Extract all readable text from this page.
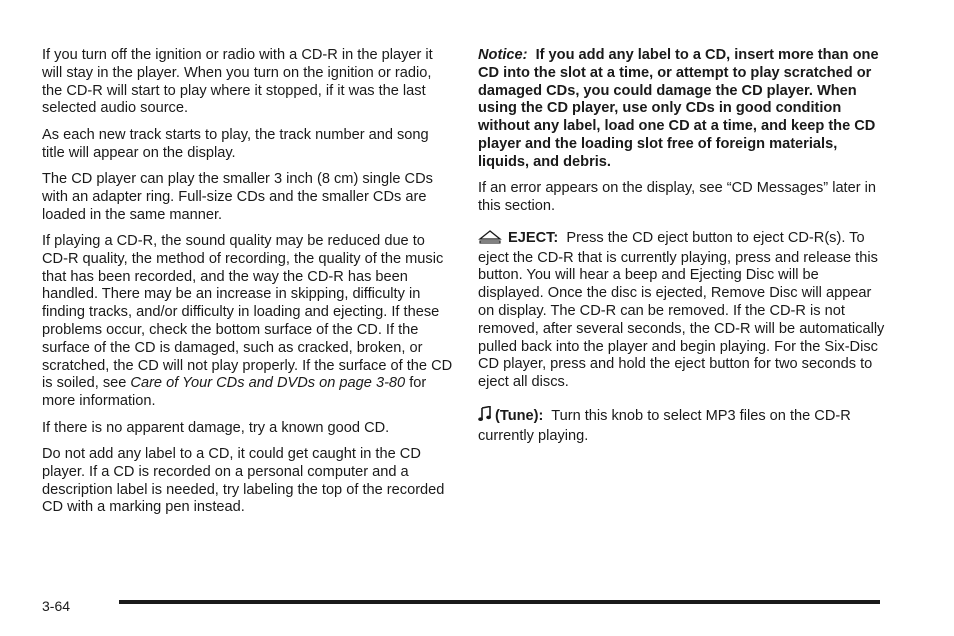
If you turn off the ignition or radio with a CD-R in the player it will stay in the player. When you turn on the ignition or radio, the CD-R will start to play where it stopped, if it was the last selected audio source.

As each new track starts to play, the track number and song title will appear on the display.

The CD player can play the smaller 3 inch (8 cm) single CDs with an adapter ring. Full-size CDs and the smaller CDs are loaded in the same manner.

If playing a CD-R, the sound quality may be reduced due to CD-R quality, the method of recording, the quality of the music that has been recorded, and the way the CD-R has been handled. There may be an increase in skipping, difficulty in finding tracks, and/or difficulty in loading and ejecting. If these problems occur, check the bottom surface of the CD. If the surface of the CD is damaged, such as cracked, broken, or scratched, the CD will not play properly. If the surface of the CD is soiled, see Care of Your CDs and DVDs on page 3-80 for more information.

If there is no apparent damage, try a known good CD.

Do not add any label to a CD, it could get caught in the CD player. If a CD is recorded on a personal computer and a description label is needed, try labeling the top of the recorded CD with a marking pen instead.

Notice: If you add any label to a CD, insert more than one CD into the slot at a time, or attempt to play scratched or damaged CDs, you could damage the CD player. When using the CD player, use only CDs in good condition without any label, load one CD at a time, and keep the CD player and the loading slot free of foreign materials, liquids, and debris.

If an error appears on the display, see “CD Messages” later in this section.

EJECT: Press the CD eject button to eject CD-R(s). To eject the CD-R that is currently playing, press and release this button. You will hear a beep and Ejecting Disc will be displayed. Once the disc is ejected, Remove Disc will appear on display. The CD-R can be removed. If the CD-R is not removed, after several seconds, the CD-R will be automatically pulled back into the player and begin playing. For the Six-Disc CD player, press and hold the eject button for two seconds to eject all discs.

(Tune): Turn this knob to select MP3 files on the CD-R currently playing.

3-64
